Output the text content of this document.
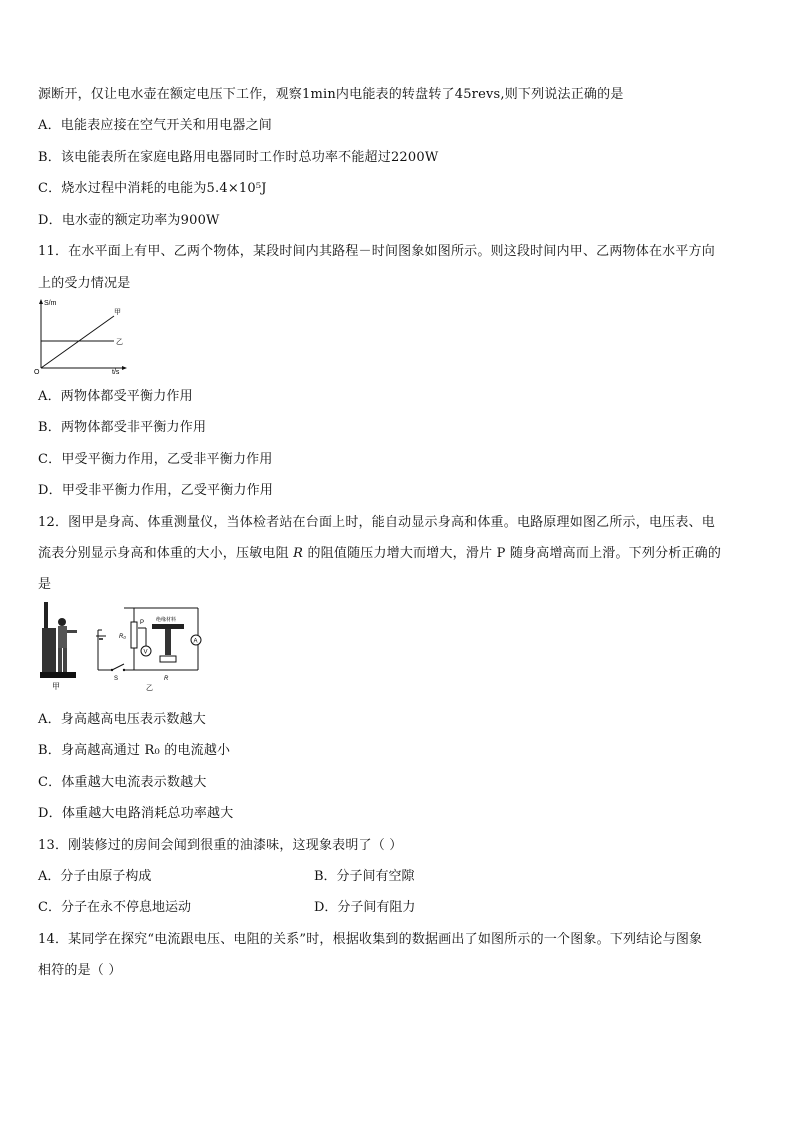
源断开，仅让电水壶在额定电压下工作，观察1min内电能表的转盘转了45revs,则下列说法正确的是
A．电能表应接在空气开关和用电器之间
B．该电能表所在家庭电路用电器同时工作时总功率不能超过2200W
C．烧水过程中消耗的电能为5.4×10⁵J
D．电水壶的额定功率为900W
11．在水平面上有甲、乙两个物体，某段时间内其路程－时间图象如图所示。则这段时间内甲、乙两物体在水平方向
上的受力情况是
S/m
t/s
O
甲
乙
A．两物体都受平衡力作用
B．两物体都受非平衡力作用
C．甲受平衡力作用，乙受非平衡力作用
D．甲受非平衡力作用，乙受平衡力作用
12．图甲是身高、体重测量仪，当体检者站在台面上时，能自动显示身高和体重。电路原理如图乙所示，电压表、电
流表分别显示身高和体重的大小，压敏电阻 R 的阻值随压力增大而增大，滑片 P 随身高增高而上滑。下列分析正确的
是
甲
V
绝缘材料
A
R₀
P
S	R
乙
A．身高越高电压表示数越大
B．身高越高通过 R₀ 的电流越小
C．体重越大电流表示数越大
D．体重越大电路消耗总功率越大
13．刚装修过的房间会闻到很重的油漆味，这现象表明了（ ）
A．分子由原子构成	B．分子间有空隙
C．分子在永不停息地运动	D．分子间有阻力
14．某同学在探究“电流跟电压、电阻的关系”时，根据收集到的数据画出了如图所示的一个图象。下列结论与图象
相符的是（ ）
